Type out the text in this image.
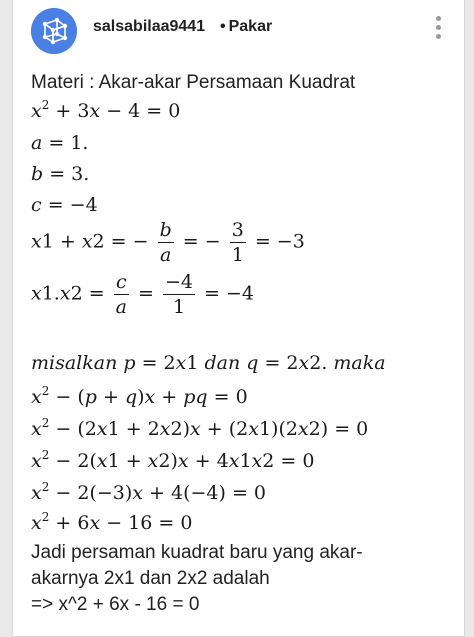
salsabilaa9441 • Pakar
Materi : Akar-akar Persamaan Kuadrat
$x^2 + 3x - 4 = 0$
a = 1.
b = 3.
c = −4
x1 + x2 = − $\frac{b}{a}$ = − $\frac{3}{1} = -3$
$x1.x2 = \frac{c}{a} = \frac{-4}{1} = -4$
misalkan p = 2x1 dan q = 2x2. maka
$x^2 - (p + q)x$ + pq = 0
$x^2 - (2x1 + 2x2)x + (2x1)(2x2) = 0$
$x^2 - 2(x1 + x2)x + 4x1x2 = 0$
$x^2 - 2(-3)x + 4(-4) = 0$
$x^2 + 6x - 16 = 0$
Jadi persaman kuadrat baru yang akar-
akarnya 2x1 dan 2x2 adalah
=> x^2 + 6x - 16 = 0
